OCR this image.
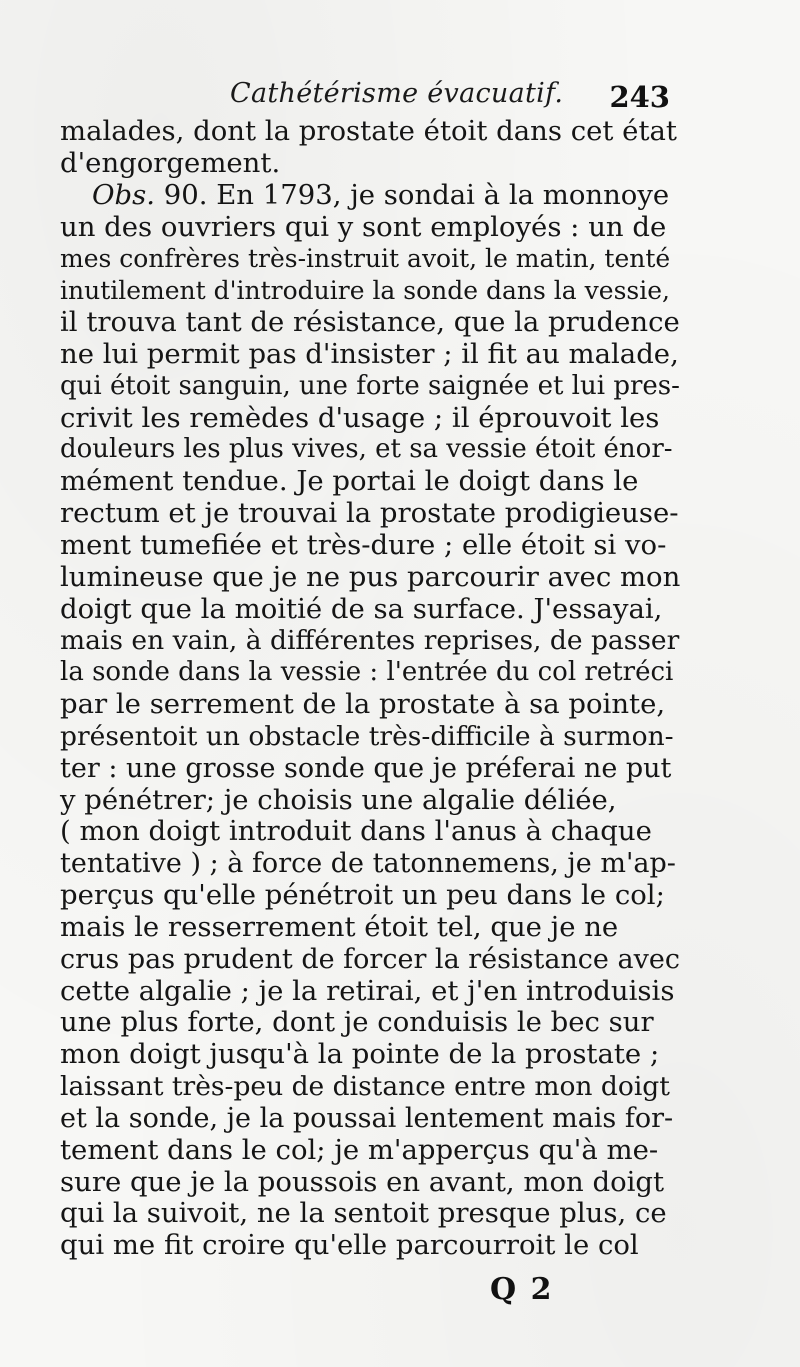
Cathétérisme évacuatif. 243
malades, dont la prostate étoit dans cet état
d'engorgement.
Obs. 90. En 1793, je sondai à la monnoye
un des ouvriers qui y sont employés : un de
mes confrères très-instruit avoit, le matin, tenté
inutilement d'introduire la sonde dans la vessie,
il trouva tant de résistance, que la prudence
ne lui permit pas d'insister ; il fit au malade,
qui étoit sanguin, une forte saignée et lui pres-
crivit les remèdes d'usage ; il éprouvoit les
douleurs les plus vives, et sa vessie étoit énor-
mément tendue. Je portai le doigt dans le
rectum et je trouvai la prostate prodigieuse-
ment tumefiée et très-dure ; elle étoit si vo-
lumineuse que je ne pus parcourir avec mon
doigt que la moitié de sa surface. J'essayai,
mais en vain, à différentes reprises, de passer
la sonde dans la vessie : l'entrée du col retréci
par le serrement de la prostate à sa pointe,
présentoit un obstacle très-difficile à surmon-
ter : une grosse sonde que je préferai ne put
y pénétrer; je choisis une algalie déliée,
( mon doigt introduit dans l'anus à chaque
tentative ) ; à force de tatonnemens, je m'ap-
perçus qu'elle pénétroit un peu dans le col;
mais le resserrement étoit tel, que je ne
crus pas prudent de forcer la résistance avec
cette algalie ; je la retirai, et j'en introduisis
une plus forte, dont je conduisis le bec sur
mon doigt jusqu'à la pointe de la prostate ;
laissant très-peu de distance entre mon doigt
et la sonde, je la poussai lentement mais for-
tement dans le col; je m'apperçus qu'à me-
sure que je la poussois en avant, mon doigt
qui la suivoit, ne la sentoit presque plus, ce
qui me fit croire qu'elle parcourroit le col
Q 2
